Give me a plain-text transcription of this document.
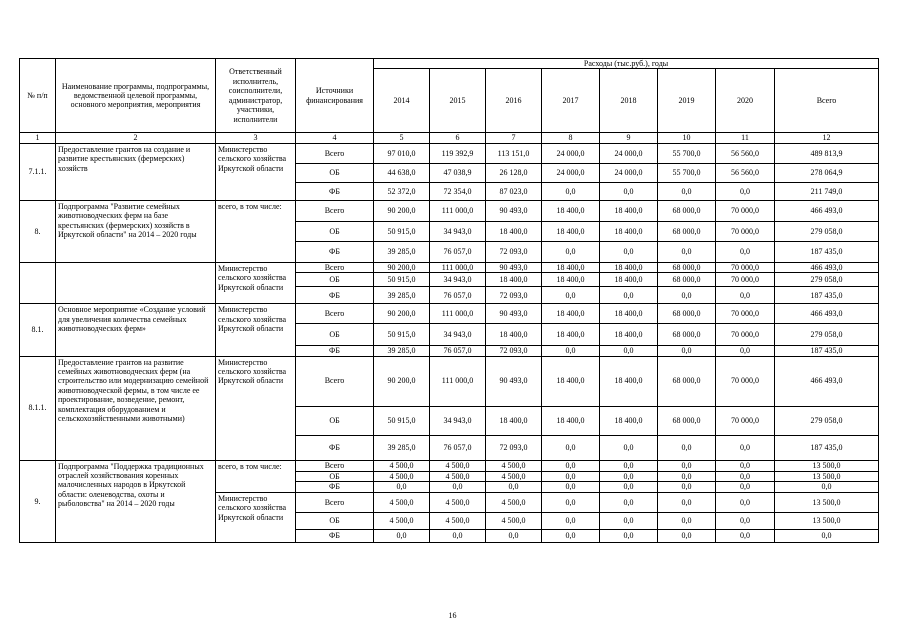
№ п/п	Наименование программы, подпрограммы, ведомственной целевой программы, основного мероприятия, мероприятия	Ответственный исполнитель, соисполнители, администратор, участники, исполнители	Источники финансирования	Расходы (тыс.руб.), годы							
				2014	2015	2016	2017	2018	2019	2020	Всего
1	2	3	4	5	6	7	8	9	10	11	12
7.1.1.	Предоставление грантов на создание и развитие крестьянских (фермерских) хозяйств	Министерство сельского хозяйства Иркутской области	Всего	97 010,0	119 392,9	113 151,0	24 000,0	24 000,0	55 700,0	56 560,0	489 813,9
			ОБ	44 638,0	47 038,9	26 128,0	24 000,0	24 000,0	55 700,0	56 560,0	278 064,9
			ФБ	52 372,0	72 354,0	87 023,0	0,0	0,0	0,0	0,0	211 749,0
8.	Подпрограмма "Развитие семейных животноводческих ферм на базе крестьянских (фермерских) хозяйств в Иркутской области" на 2014 – 2020 годы	всего, в том числе:	Всего	90 200,0	111 000,0	90 493,0	18 400,0	18 400,0	68 000,0	70 000,0	466 493,0
			ОБ	50 915,0	34 943,0	18 400,0	18 400,0	18 400,0	68 000,0	70 000,0	279 058,0
			ФБ	39 285,0	76 057,0	72 093,0	0,0	0,0	0,0	0,0	187 435,0
		Министерство сельского хозяйства Иркутской области	Всего	90 200,0	111 000,0	90 493,0	18 400,0	18 400,0	68 000,0	70 000,0	466 493,0
			ОБ	50 915,0	34 943,0	18 400,0	18 400,0	18 400,0	68 000,0	70 000,0	279 058,0
			ФБ	39 285,0	76 057,0	72 093,0	0,0	0,0	0,0	0,0	187 435,0
8.1.	Основное мероприятие «Создание условий для увеличения количества семейных животноводческих ферм»	Министерство сельского хозяйства Иркутской области	Всего	90 200,0	111 000,0	90 493,0	18 400,0	18 400,0	68 000,0	70 000,0	466 493,0
			ОБ	50 915,0	34 943,0	18 400,0	18 400,0	18 400,0	68 000,0	70 000,0	279 058,0
			ФБ	39 285,0	76 057,0	72 093,0	0,0	0,0	0,0	0,0	187 435,0
8.1.1.	Предоставление грантов на развитие семейных животноводческих ферм (на строительство или модернизацию семейной животноводческой фермы, в том числе ее проектирование, возведение, ремонт, комплектация оборудованием и сельскохозяйственными животными)	Министерство сельского хозяйства Иркутской области	Всего	90 200,0	111 000,0	90 493,0	18 400,0	18 400,0	68 000,0	70 000,0	466 493,0
			ОБ	50 915,0	34 943,0	18 400,0	18 400,0	18 400,0	68 000,0	70 000,0	279 058,0
			ФБ	39 285,0	76 057,0	72 093,0	0,0	0,0	0,0	0,0	187 435,0
9.	Подпрограмма "Поддержка традиционных отраслей хозяйствования коренных малочисленных народов в Иркутской области: оленеводства, охоты и рыболовства" на 2014 – 2020 годы	всего, в том числе:	Всего	4 500,0	4 500,0	4 500,0	0,0	0,0	0,0	0,0	13 500,0
			ОБ	4 500,0	4 500,0	4 500,0	0,0	0,0	0,0	0,0	13 500,0
			ФБ	0,0	0,0	0,0	0,0	0,0	0,0	0,0	0,0
		Министерство сельского хозяйства Иркутской области	Всего	4 500,0	4 500,0	4 500,0	0,0	0,0	0,0	0,0	13 500,0
			ОБ	4 500,0	4 500,0	4 500,0	0,0	0,0	0,0	0,0	13 500,0
			ФБ	0,0	0,0	0,0	0,0	0,0	0,0	0,0	0,0
16
